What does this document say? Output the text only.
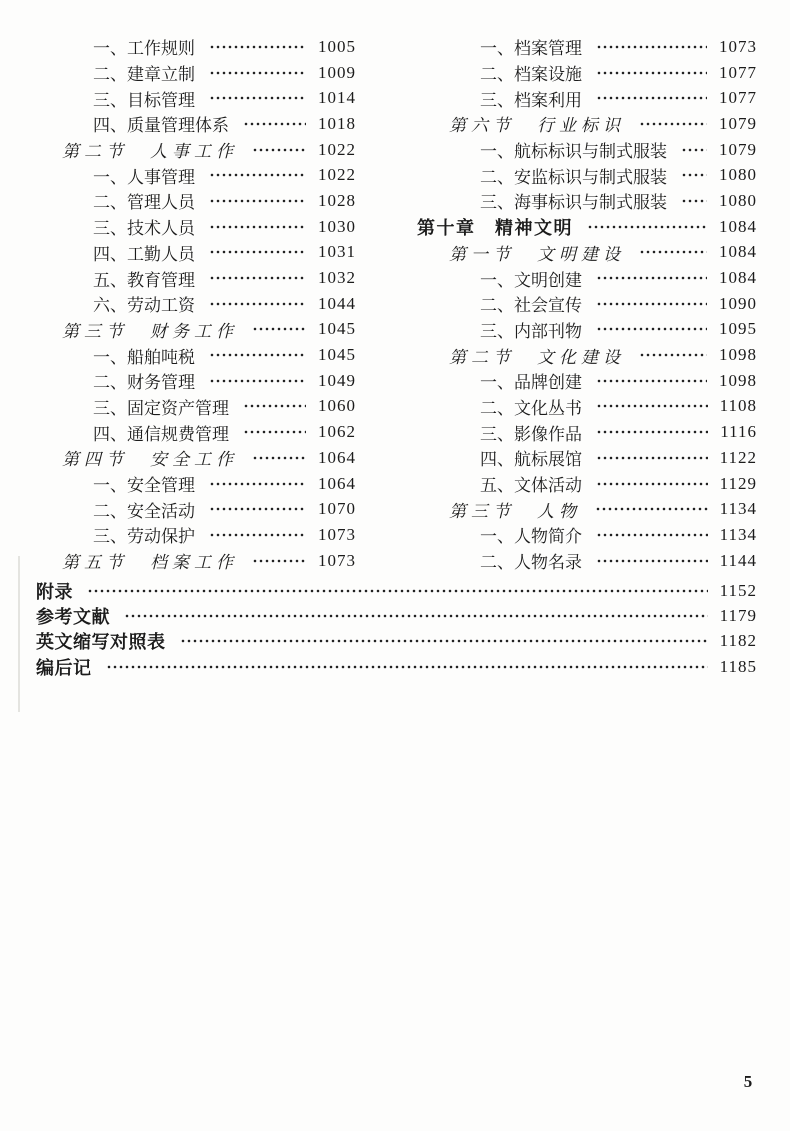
一、工作规则	1005
二、建章立制	1009
三、目标管理	1014
四、质量管理体系	1018
第二节　人事工作	1022
一、人事管理	1022
二、管理人员	1028
三、技术人员	1030
四、工勤人员	1031
五、教育管理	1032
六、劳动工资	1044
第三节　财务工作	1045
一、船舶吨税	1045
二、财务管理	1049
三、固定资产管理	1060
四、通信规费管理	1062
第四节　安全工作	1064
一、安全管理	1064
二、安全活动	1070
三、劳动保护	1073
第五节　档案工作	1073
一、档案管理	1073
二、档案设施	1077
三、档案利用	1077
第六节　行业标识	1079
一、航标标识与制式服装	1079
二、安监标识与制式服装	1080
三、海事标识与制式服装	1080
第十章　精神文明	1084
第一节　文明建设	1084
一、文明创建	1084
二、社会宣传	1090
三、内部刊物	1095
第二节　文化建设	1098
一、品牌创建	1098
二、文化丛书	1108
三、影像作品	1116
四、航标展馆	1122
五、文体活动	1129
第三节　人物	1134
一、人物简介	1134
二、人物名录	1144
附录	1152
参考文献	1179
英文缩写对照表	1182
编后记	1185
5
